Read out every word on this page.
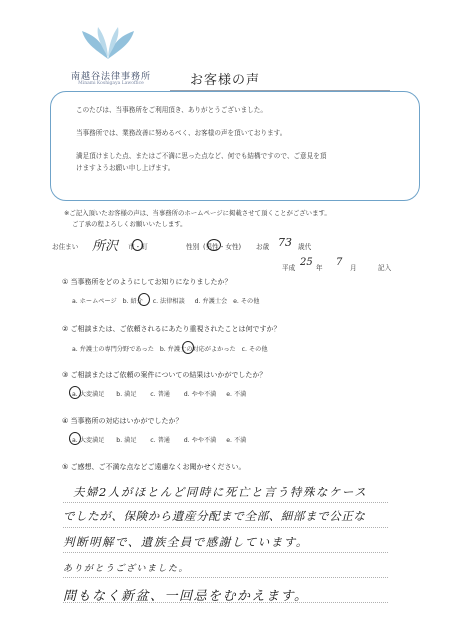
南越谷法律事務所
Minami Koshigaya Lawoffice	お客様の声
このたびは、当事務所をご利用頂き、ありがとうございました。
当事務所では、業務改善に努めるべく、お客様の声を頂いております。
満足頂けました点、またはご不満に思った点など、何でも結構ですので、ご意見を頂
けますようお願い申し上げます。
※ご記入頂いたお客様の声は、当事務所のホームページに掲載させて頂くことがございます。
ご了承の程よろしくお願いいたします。
お住まい 所沢 市・町	性別 (男性・女性) お歳 73 歳代
平成 25 年 7 月	記入
① 当事務所をどのようにしてお知りになりましたか？
a. ホームページ   b. 紹介     c. 法律相談     d. 弁護士会   e. その他
② ご相談または、ご依頼されるにあたり重視されたことは何ですか？
a. 弁護士の専門分野であった   b. 弁護士の対応がよかった   c. その他
③ ご相談またはご依頼の案件についての結果はいかがでしたか？
a. 大変満足      b. 満足       c. 普通       d. やや不満     e. 不満
④ 当事務所の対応はいかがでしたか？
a. 大変満足      b. 満足       c. 普通       d. やや不満     e. 不満
⑤ ご感想、ご不満な点などご遠慮なくお聞かせください。
夫婦2人がほとんど同時に死亡と言う特殊なケース
でしたが、保険から遺産分配まで全部、細部まで公正な
判断明解で、遺族全員で感謝しています。
ありがとうございました。
間もなく新盆、一回忌をむかえます。
